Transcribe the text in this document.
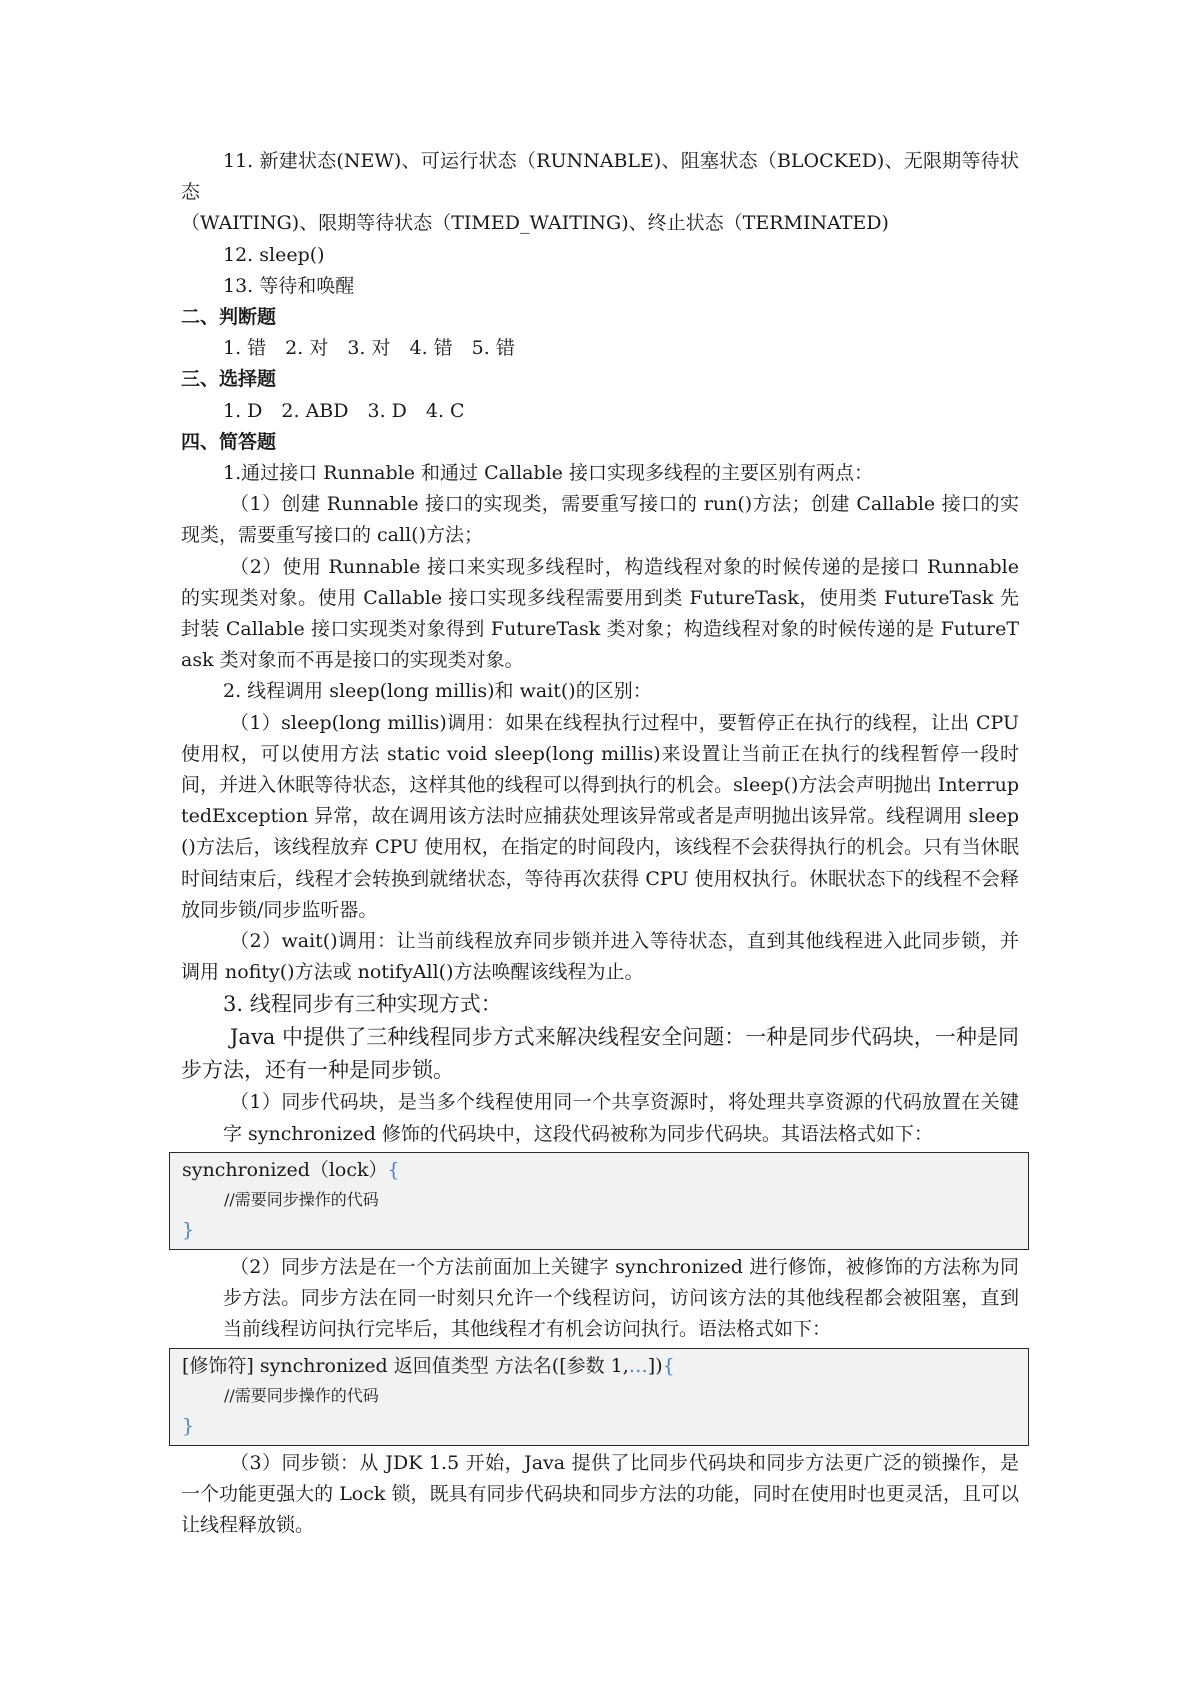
11. 新建状态(NEW)、可运行状态（RUNNABLE)、阻塞状态（BLOCKED)、无限期等待状态

（WAITING)、限期等待状态（TIMED_WAITING)、终止状态（TERMINATED)

12. sleep()

13. 等待和唤醒

二、判断题

1. 错　2. 对　3. 对　4. 错　5. 错

三、选择题

1. D　2. ABD　3. D　4. C

四、简答题

1.通过接口 Runnable 和通过 Callable 接口实现多线程的主要区别有两点：

（1）创建 Runnable 接口的实现类，需要重写接口的 run()方法；创建 Callable 接口的实现类，需要重写接口的 call()方法；

（2）使用 Runnable 接口来实现多线程时，构造线程对象的时候传递的是接口 Runnable 的实现类对象。使用 Callable 接口实现多线程需要用到类 FutureTask，使用类 FutureTask 先封装 Callable 接口实现类对象得到 FutureTask 类对象；构造线程对象的时候传递的是 FutureTask 类对象而不再是接口的实现类对象。

2. 线程调用 sleep(long millis)和 wait()的区别：

（1）sleep(long millis)调用：如果在线程执行过程中，要暂停正在执行的线程，让出 CPU 使用权，可以使用方法 static void sleep(long millis)来设置让当前正在执行的线程暂停一段时间，并进入休眠等待状态，这样其他的线程可以得到执行的机会。sleep()方法会声明抛出 InterruptedException 异常，故在调用该方法时应捕获处理该异常或者是声明抛出该异常。线程调用 sleep()方法后，该线程放弃 CPU 使用权，在指定的时间段内，该线程不会获得执行的机会。只有当休眠时间结束后，线程才会转换到就绪状态，等待再次获得 CPU 使用权执行。休眠状态下的线程不会释放同步锁/同步监听器。

（2）wait()调用：让当前线程放弃同步锁并进入等待状态，直到其他线程进入此同步锁，并调用 nofity()方法或 notifyAll()方法唤醒该线程为止。

3. 线程同步有三种实现方式：

Java 中提供了三种线程同步方式来解决线程安全问题：一种是同步代码块，一种是同步方法，还有一种是同步锁。

（1）同步代码块，是当多个线程使用同一个共享资源时，将处理共享资源的代码放置在关键字 synchronized 修饰的代码块中，这段代码被称为同步代码块。其语法格式如下：

synchronized（lock）{

//需要同步操作的代码

}

（2）同步方法是在一个方法前面加上关键字 synchronized 进行修饰，被修饰的方法称为同步方法。同步方法在同一时刻只允许一个线程访问，访问该方法的其他线程都会被阻塞，直到当前线程访问执行完毕后，其他线程才有机会访问执行。语法格式如下：

[修饰符] synchronized 返回值类型 方法名([参数 1,…]){

//需要同步操作的代码

}

（3）同步锁：从 JDK 1.5 开始，Java 提供了比同步代码块和同步方法更广泛的锁操作，是一个功能更强大的 Lock 锁，既具有同步代码块和同步方法的功能，同时在使用时也更灵活，且可以让线程释放锁。
